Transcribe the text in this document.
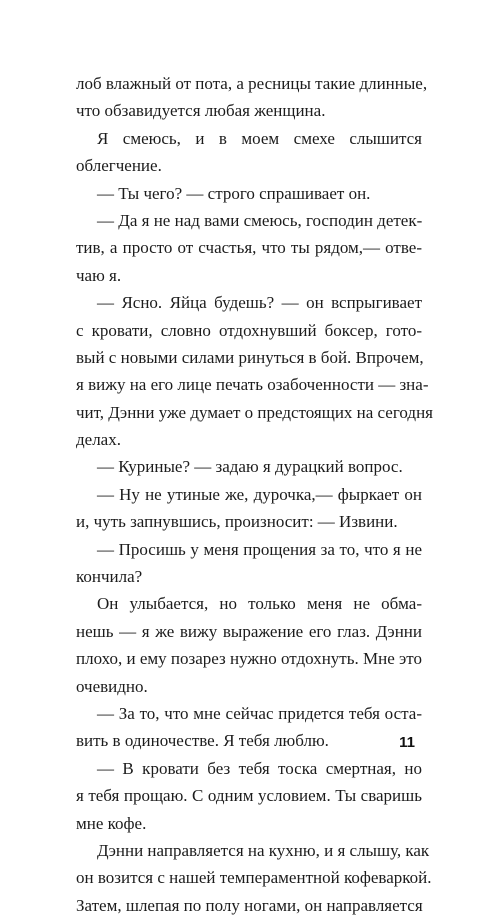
лоб влажный от пота, а ресницы такие длинные,
что обзавидуется любая женщина.
Я смеюсь, и в моем смехе слышится
облегчение.
— Ты чего? — строго спрашивает он.
— Да я не над вами смеюсь, господин детек-
тив, а просто от счастья, что ты рядом,— отве-
чаю я.
— Ясно. Яйца будешь? — он вспрыгивает
с кровати, словно отдохнувший боксер, гото-
вый с новыми силами ринуться в бой. Впрочем,
я вижу на его лице печать озабоченности — зна-
чит, Дэнни уже думает о предстоящих на сегодня
делах.
— Куриные? — задаю я дурацкий вопрос.
— Ну не утиные же, дурочка,— фыркает он
и, чуть запнувшись, произносит: — Извини.
— Просишь у меня прощения за то, что я не
кончила?
Он улыбается, но только меня не обма-
нешь — я же вижу выражение его глаз. Дэнни
плохо, и ему позарез нужно отдохнуть. Мне это
очевидно.
— За то, что мне сейчас придется тебя оста-
вить в одиночестве. Я тебя люблю.
— В кровати без тебя тоска смертная, но
я тебя прощаю. С одним условием. Ты сваришь
мне кофе.
Дэнни направляется на кухню, и я слышу, как
он возится с нашей темпераментной кофеваркой.
Затем, шлепая по полу ногами, он направляется
11
